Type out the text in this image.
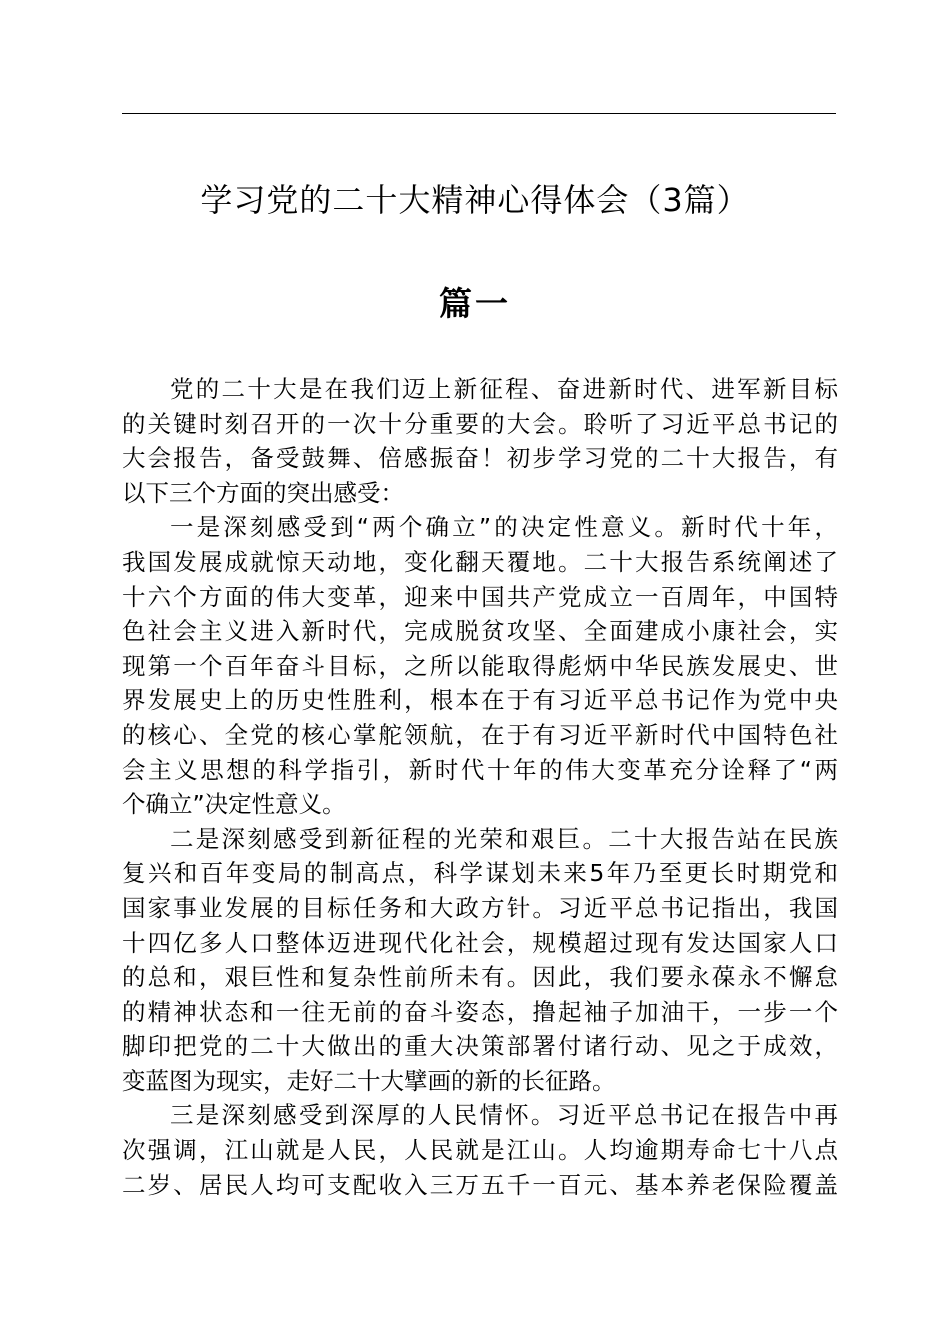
学习党的二十大精神心得体会（3篇）
篇一
党的二十大是在我们迈上新征程、奋进新时代、进军新目标
的关键时刻召开的一次十分重要的大会。聆听了习近平总书记的
大会报告，备受鼓舞、倍感振奋！初步学习党的二十大报告，有
以下三个方面的突出感受：
一是深刻感受到“两个确立”的决定性意义。新时代十年，
我国发展成就惊天动地，变化翻天覆地。二十大报告系统阐述了
十六个方面的伟大变革，迎来中国共产党成立一百周年，中国特
色社会主义进入新时代，完成脱贫攻坚、全面建成小康社会，实
现第一个百年奋斗目标，之所以能取得彪炳中华民族发展史、世
界发展史上的历史性胜利，根本在于有习近平总书记作为党中央
的核心、全党的核心掌舵领航，在于有习近平新时代中国特色社
会主义思想的科学指引，新时代十年的伟大变革充分诠释了“两
个确立”决定性意义。
二是深刻感受到新征程的光荣和艰巨。二十大报告站在民族
复兴和百年变局的制高点，科学谋划未来5年乃至更长时期党和
国家事业发展的目标任务和大政方针。习近平总书记指出，我国
十四亿多人口整体迈进现代化社会，规模超过现有发达国家人口
的总和，艰巨性和复杂性前所未有。因此，我们要永葆永不懈怠
的精神状态和一往无前的奋斗姿态，撸起袖子加油干，一步一个
脚印把党的二十大做出的重大决策部署付诸行动、见之于成效，
变蓝图为现实，走好二十大擘画的新的长征路。
三是深刻感受到深厚的人民情怀。习近平总书记在报告中再
次强调，江山就是人民，人民就是江山。人均逾期寿命七十八点
二岁、居民人均可支配收入三万五千一百元、基本养老保险覆盖
